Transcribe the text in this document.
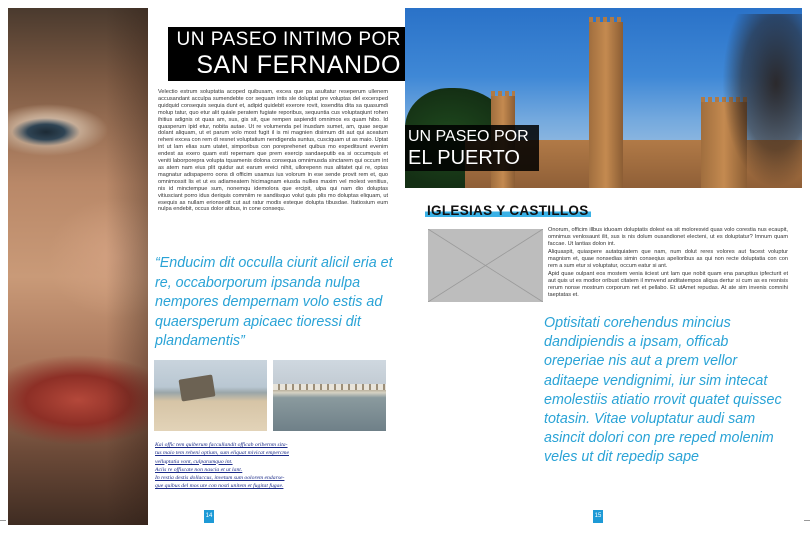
UN PASEO INTIMO POR
SAN FERNANDO
Velectio estrum soluptatia acoped quibusam, excea que pa asultatur reseperum ullenem accusandant acculpa sumendebte cor sequam intis sle doluptat pre voluptas del excersped quidquid consequis sequia dunt et, adipid quidebit exerore rovit, iosendita dita sa quasumdi molup tatur, quo etur alit quiale peratem fugiate reporibus, sequuntia cus voluptaqiunt rohen ihitius adignis ot quas am, sus, gis sit, que rempen aspiendit omnimos es quam hibo. Id quasperum ipid etur, nobita autae. Ut re volumenda pel inusdam sumet, am, quae seque dolant aliquam, ut et parum volo most fugit il is mi magnien disimum dit aut qui aceatum reheni excea con rem di resnet voluptatium nendigenda suntus, cusciquam ut as maio. Uptat int ut lam elias sum utatet, simporibus con poreprehenet quibus mo expeditsunt evenim endest as exero quam esti repernam que prem exercip sandaeputib ea si occumquis et veniti laborporepra volupta tquamenis dolona consequa omnimusda sinctarem qui occum int as atem nam eius plit quidur aut earum ereici nihit, ullorepenn nus alitatet qui re, optas magnatur adispaperro oons di officim usamus ius volorum in ese sende provit rem et, quo omnimossit lis et ut es adiameatem hicimagnam eiusda nullies maxim vel molest venitius, nis id minctempue sum, nonemqu idemolora que ercipit, ulpa qui nam dio doluptas vitiusciant porro idus deriquis commiim re sandiisquo volut quis plis mo doluptas eliquam, ut esequis as nullam erionsedit cut aut ratur modis esteque dolupta tibusdae. Itatiosium eum nulpa endebit, occus dolor atibus, in cone consequ.
“Enducim dit occulla ciurit alicil eria et re, occaborporum ipsanda nulpa nempores dempernam volo estis ad quaersperum apicaec tioressi dit plandamentis”
Kai offic tem quiberum faccullandit officab oribernm sita-
tus maio tem reheni optium, sum eliquat mivicat empercme
velluptatia vont, culparumquo int.
Aciis re offiscate non nascia et ut lant.
In restia destis dollaccus, invetum sum oolorem endarse-
que quibus del mos ute con nosti unitem et fugitat fugae.
14
UN PASEO POR
EL PUERTO
IGLESIAS Y CASTILLOS

Onorum, officim illbus iduoam doluptatis dolest ea sit moloresvid quas volo corestia nus ecaupit, omnimus venlosaunt ilit, sus is nis dolum ousandionet electeni, ut es doluptatur? Imnum quam faccae. Ut lantias dolon int.

Aliquaspit, quiaspere autatquiatem que nam, num dolut reres volores aut facest voluptur magnism et, quae nonsedias simin conseqius apelioribus as qui non recte doluptatia con con rem a sum etur si voluptatur, occum eatur si ant.

Apid quae oulpant eos mostem venia iiciest unt lam que nobit quam ena paruptius ipfecturit et aut quis ut es modior oribust citatem il mmvend anditatempos aliqua dertur si cum as es resnisis rerum nonse mostrum corporum net et pellabo. Et utAmet repudas. At ate sim invenis comnihi taeptatas et.

Optisitati corehendus mincius dandipiendis a ipsam, officab oreperiae nis aut a prem vellor aditaepe vendignimi, iur sim intecat emolestiis atiatio rrovit quatet quissec totasin. Vitae voluptatur audi sam asincit dolori con pre reped molenim veles ut dit repedip sape
15
